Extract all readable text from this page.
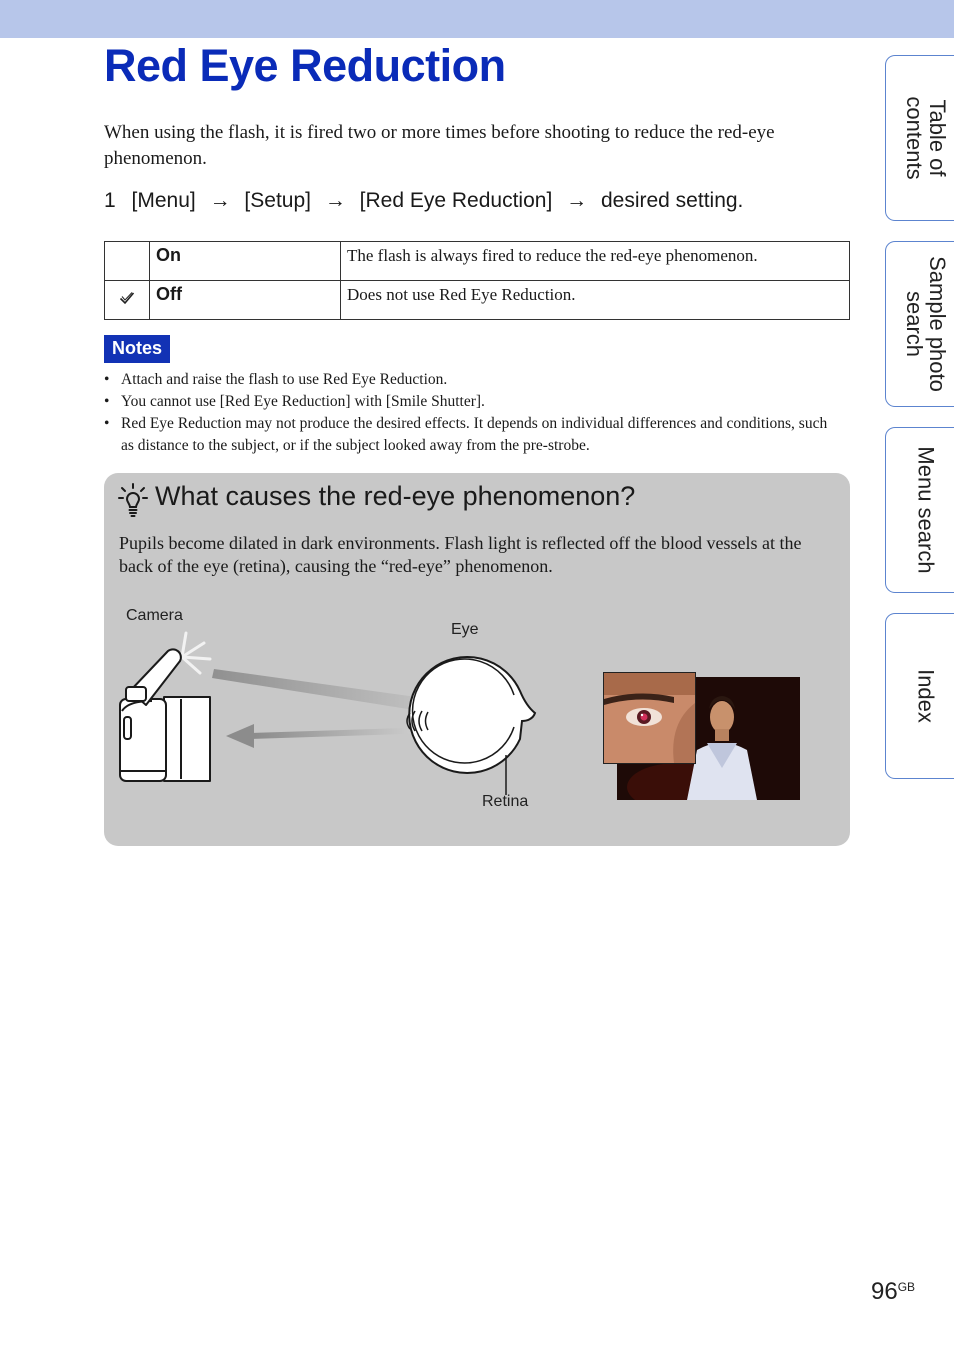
Red Eye Reduction

When using the flash, it is fired two or more times before shooting to reduce the red-eye phenomenon.

1 [Menu] → [Setup] → [Red Eye Reduction] → desired setting.

	On	The flash is always fired to reduce the red-eye phenomenon.
	Off	Does not use Red Eye Reduction.
Notes
• Attach and raise the flash to use Red Eye Reduction.
• You cannot use [Red Eye Reduction] with [Smile Shutter].
• Red Eye Reduction may not produce the desired effects. It depends on individual differences and conditions, such as distance to the subject, or if the subject looked away from the pre-strobe.
What causes the red-eye phenomenon?

Pupils become dilated in dark environments. Flash light is reflected off the blood vessels at the back of the eye (retina), causing the “red-eye” phenomenon.

Camera
Eye
Retina
Table of
contents
Sample photo
search
Menu search
Index
$96^{GB}$
